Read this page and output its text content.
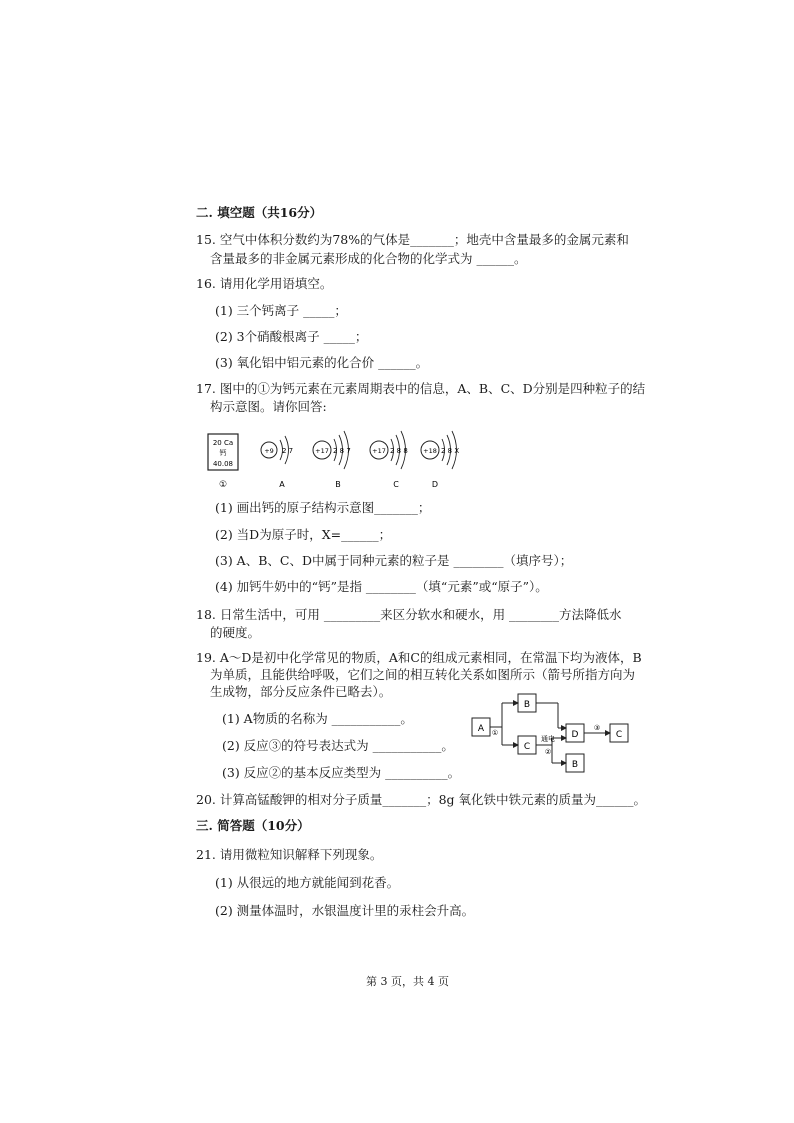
二. 填空题（共16分）
15. 空气中体积分数约为78%的气体是_______；地壳中含量最多的金属元素和
含量最多的非金属元素形成的化合物的化学式为 ______。
16. 请用化学用语填空。
(1) 三个钙离子 _____；
(2) 3个硝酸根离子 _____；
(3) 氧化铝中铝元素的化合价 ______。
17. 图中的①为钙元素在元素周期表中的信息，A、B、C、D分别是四种粒子的结
构示意图。请你回答:
20 Ca
钙
40.08
①
+9 2 7
A
+17 2 8 7
B
+17 2 8 8
C
+18 2 8 X
D
(1) 画出钙的原子结构示意图_______；
(2) 当D为原子时，X=______；
(3) A、B、C、D中属于同种元素的粒子是 ________（填序号）；
(4) 加钙牛奶中的“钙”是指 ________（填“元素”或“原子”）。
18. 日常生活中，可用 _________来区分软水和硬水，用 ________方法降低水
的硬度。
19. A～D是初中化学常见的物质，A和C的组成元素相同，在常温下均为液体，B
为单质，且能供给呼吸，它们之间的相互转化关系如图所示（箭号所指方向为
生成物，部分反应条件已略去）。
(1) A物质的名称为 ___________。
(2) 反应③的符号表达式为 ___________。
(3) 反应②的基本反应类型为 __________。
A
B
C
D	C
B
①
通电
②
③
20. 计算高锰酸钾的相对分子质量_______；8g 氧化铁中铁元素的质量为______。
三. 简答题（10分）
21. 请用微粒知识解释下列现象。
(1) 从很远的地方就能闻到花香。
(2) 测量体温时，水银温度计里的汞柱会升高。
第 3 页，共 4 页
